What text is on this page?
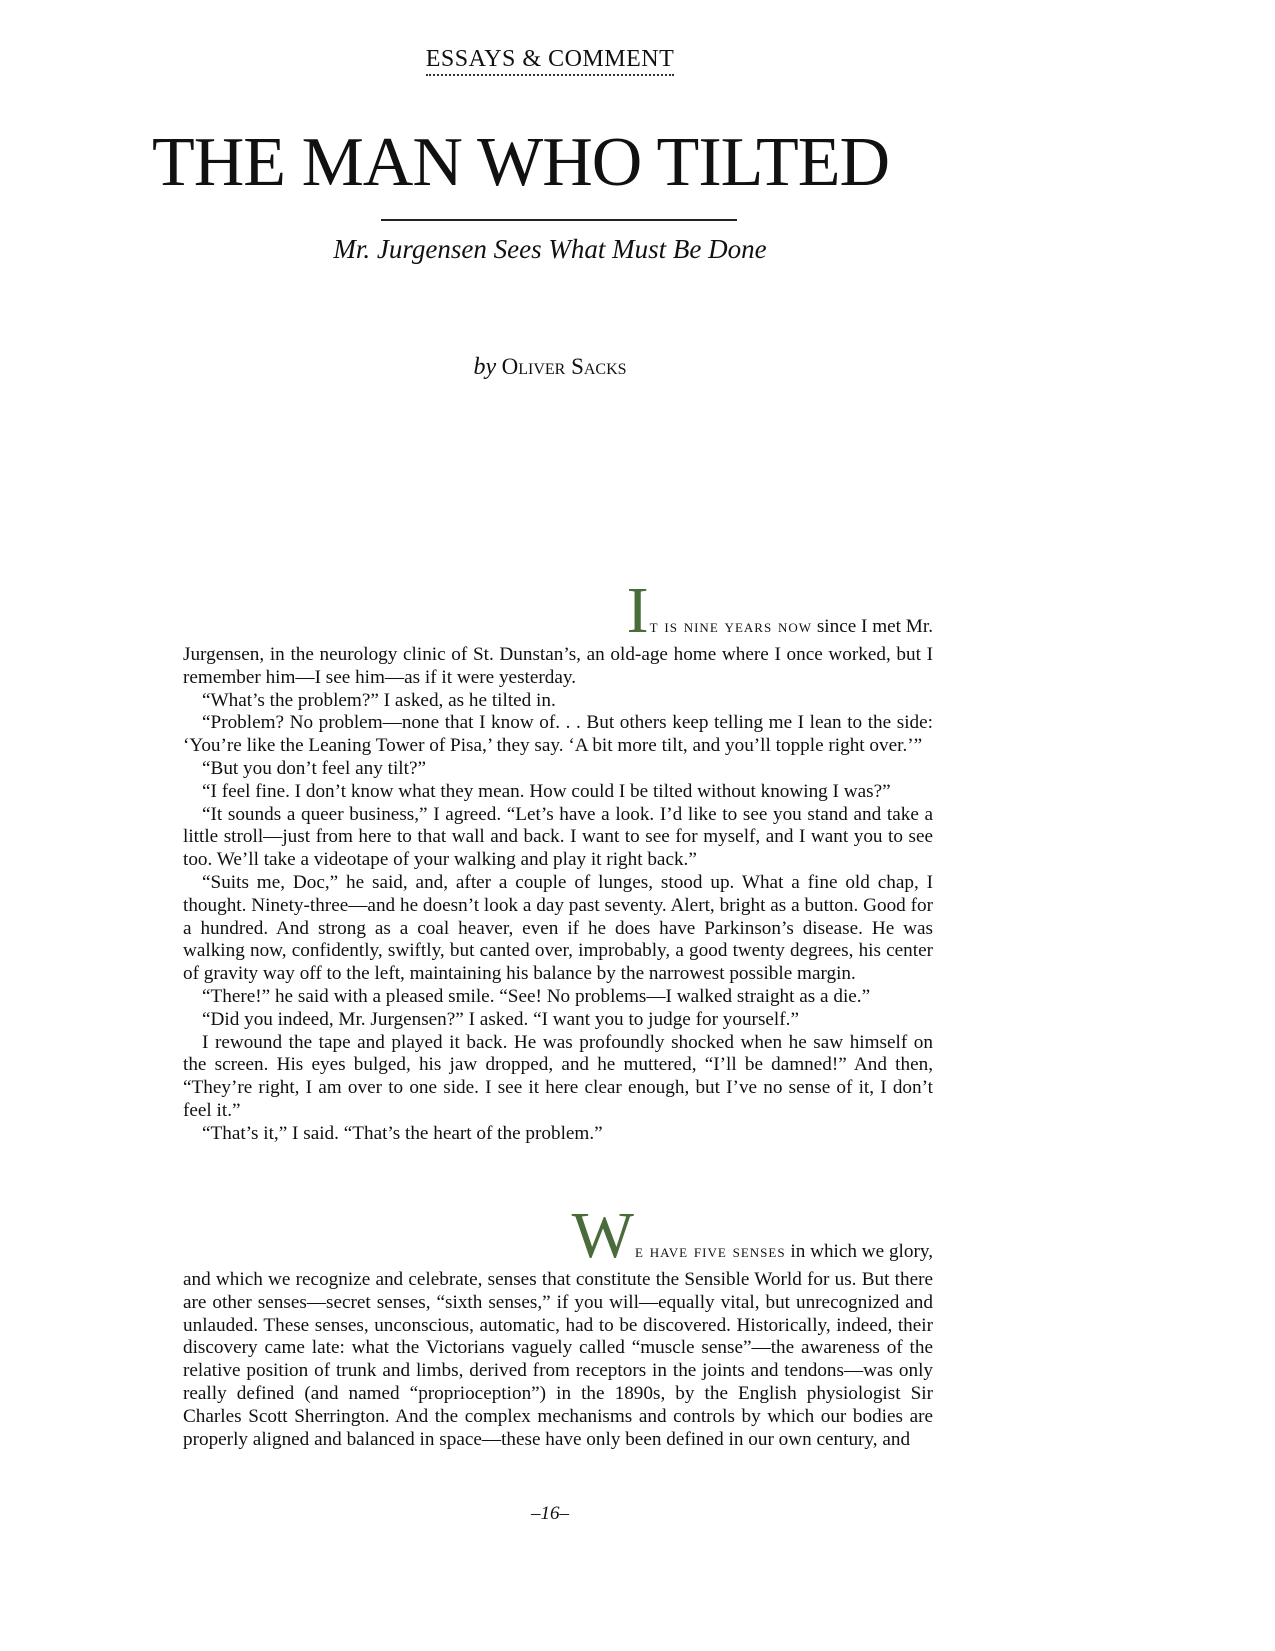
ESSAYS & COMMENT
THE MAN WHO TILTED
Mr. Jurgensen Sees What Must Be Done
by Oliver Sacks
It is nine years now since I met Mr.

Jurgensen, in the neurology clinic of St. Dunstan’s, an old-age home where I once worked, but I remember him—I see him—as if it were yesterday.

“What’s the problem?” I asked, as he tilted in.

“Problem? No problem—none that I know of. . . But others keep telling me I lean to the side: ‘You’re like the Leaning Tower of Pisa,’ they say. ‘A bit more tilt, and you’ll topple right over.’”

“But you don’t feel any tilt?”

“I feel fine. I don’t know what they mean. How could I be tilted without knowing I was?”

“It sounds a queer business,” I agreed. “Let’s have a look. I’d like to see you stand and take a little stroll—just from here to that wall and back. I want to see for myself, and I want you to see too. We’ll take a videotape of your walking and play it right back.”

“Suits me, Doc,” he said, and, after a couple of lunges, stood up. What a fine old chap, I thought. Ninety-three—and he doesn’t look a day past seventy. Alert, bright as a button. Good for a hundred. And strong as a coal heaver, even if he does have Parkinson’s disease. He was walking now, confidently, swiftly, but canted over, improbably, a good twenty degrees, his center of gravity way off to the left, maintaining his balance by the narrowest possible margin.

“There!” he said with a pleased smile. “See! No problems—I walked straight as a die.”

“Did you indeed, Mr. Jurgensen?” I asked. “I want you to judge for yourself.”

I rewound the tape and played it back. He was profoundly shocked when he saw himself on the screen. His eyes bulged, his jaw dropped, and he muttered, “I’ll be damned!” And then, “They’re right, I am over to one side. I see it here clear enough, but I’ve no sense of it, I don’t feel it.”

“That’s it,” I said. “That’s the heart of the problem.”

We have five senses in which we glory,

and which we recognize and celebrate, senses that constitute the Sensible World for us. But there are other senses—secret senses, “sixth senses,” if you will—equally vital, but unrecognized and unlauded. These senses, unconscious, automatic, had to be discovered. Historically, indeed, their discovery came late: what the Victorians vaguely called “muscle sense”—the awareness of the relative position of trunk and limbs, derived from receptors in the joints and tendons—was only really defined (and named “proprioception”) in the 1890s, by the English physiologist Sir Charles Scott Sherrington. And the complex mechanisms and controls by which our bodies are properly aligned and balanced in space—these have only been defined in our own century, and

–16–
